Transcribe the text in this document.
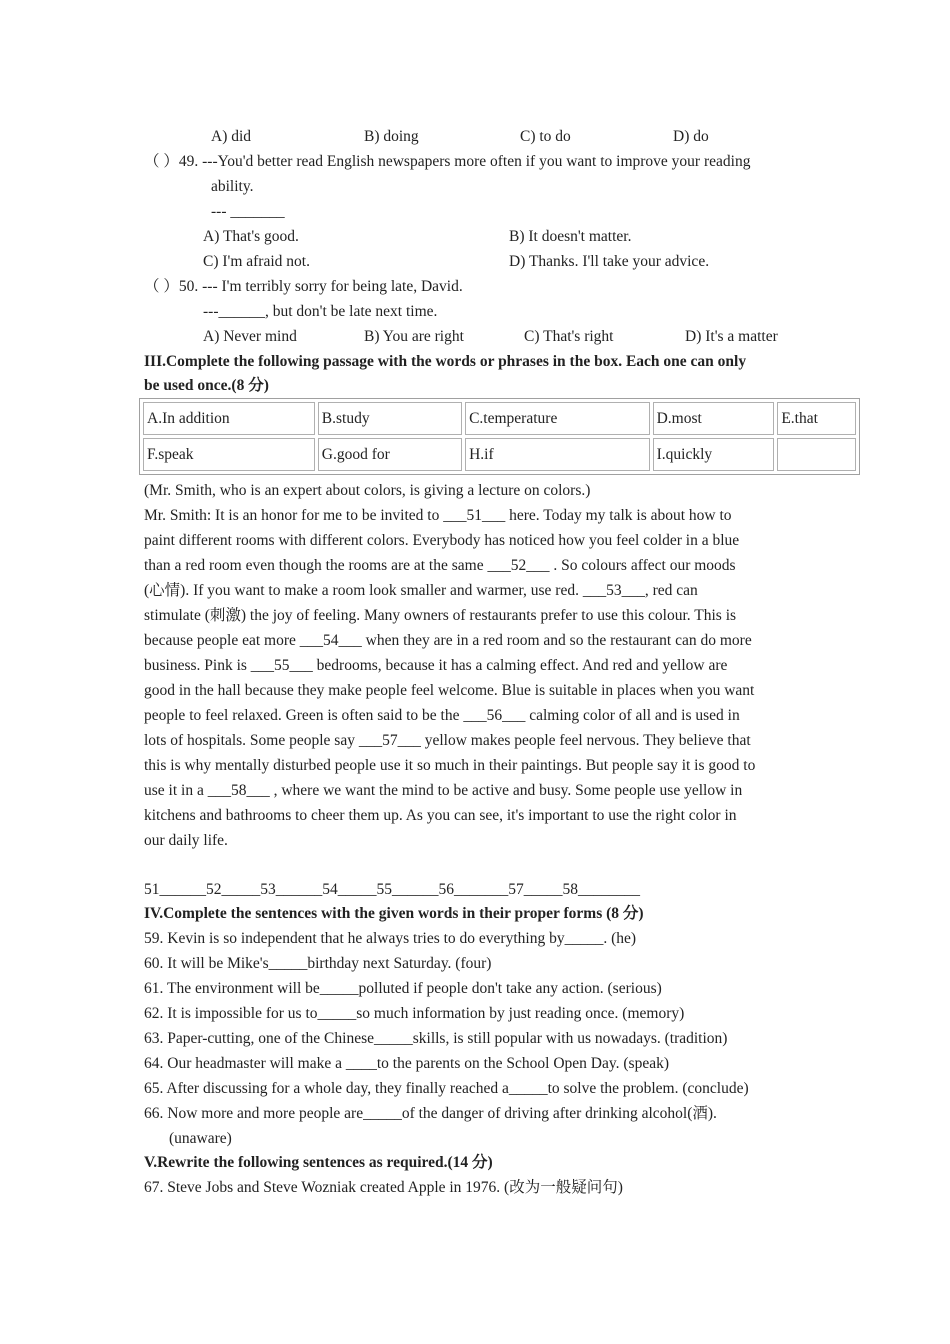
A) did	B) doing	C) to do	D) do
（ ）49. ---You'd better read English newspapers more often if you want to improve your reading
ability.
--- _______
A) That's good.	B) It doesn't matter.
C) I'm afraid not.	D) Thanks. I'll take your advice.
（ ）50. --- I'm terribly sorry for being late, David.
---______, but don't be late next time.
A) Never mind	B) You are right	C) That's right	D) It's a matter
III.Complete the following passage with the words or phrases in the box. Each one can only
be used once.(8 分)
A.In addition	B.study	C.temperature	D.most	E.that
F.speak	G.good for	H.if	I.quickly	
(Mr. Smith, who is an expert about colors, is giving a lecture on colors.)
Mr. Smith: It is an honor for me to be invited to ___51___ here. Today my talk is about how to
paint different rooms with different colors. Everybody has noticed how you feel colder in a blue
than a red room even though the rooms are at the same ___52___ . So colours affect our moods
(心情). If you want to make a room look smaller and warmer, use red. ___53___, red can
stimulate (刺激) the joy of feeling. Many owners of restaurants prefer to use this colour. This is
because people eat more ___54___ when they are in a red room and so the restaurant can do more
business. Pink is ___55___ bedrooms, because it has a calming effect. And red and yellow are
good in the hall because they make people feel welcome. Blue is suitable in places when you want
people to feel relaxed. Green is often said to be the ___56___ calming color of all and is used in
lots of hospitals. Some people say ___57___ yellow makes people feel nervous. They believe that
this is why mentally disturbed people use it so much in their paintings. But people say it is good to
use it in a ___58___ , where we want the mind to be active and busy. Some people use yellow in
kitchens and bathrooms to cheer them up. As you can see, it's important to use the right color in
our daily life.
51______52_____53______54_____55______56_______57_____58________
IV.Complete the sentences with the given words in their proper forms (8 分)
59. Kevin is so independent that he always tries to do everything by_____. (he)
60. It will be Mike's_____birthday next Saturday. (four)
61. The environment will be_____polluted if people don't take any action. (serious)
62. It is impossible for us to_____so much information by just reading once. (memory)
63. Paper-cutting, one of the Chinese_____skills, is still popular with us nowadays. (tradition)
64. Our headmaster will make a ____to the parents on the School Open Day. (speak)
65. After discussing for a whole day, they finally reached a_____to solve the problem. (conclude)
66. Now more and more people are_____of the danger of driving after drinking alcohol(酒).
(unaware)
V.Rewrite the following sentences as required.(14 分)
67. Steve Jobs and Steve Wozniak created Apple in 1976. (改为一般疑问句)
